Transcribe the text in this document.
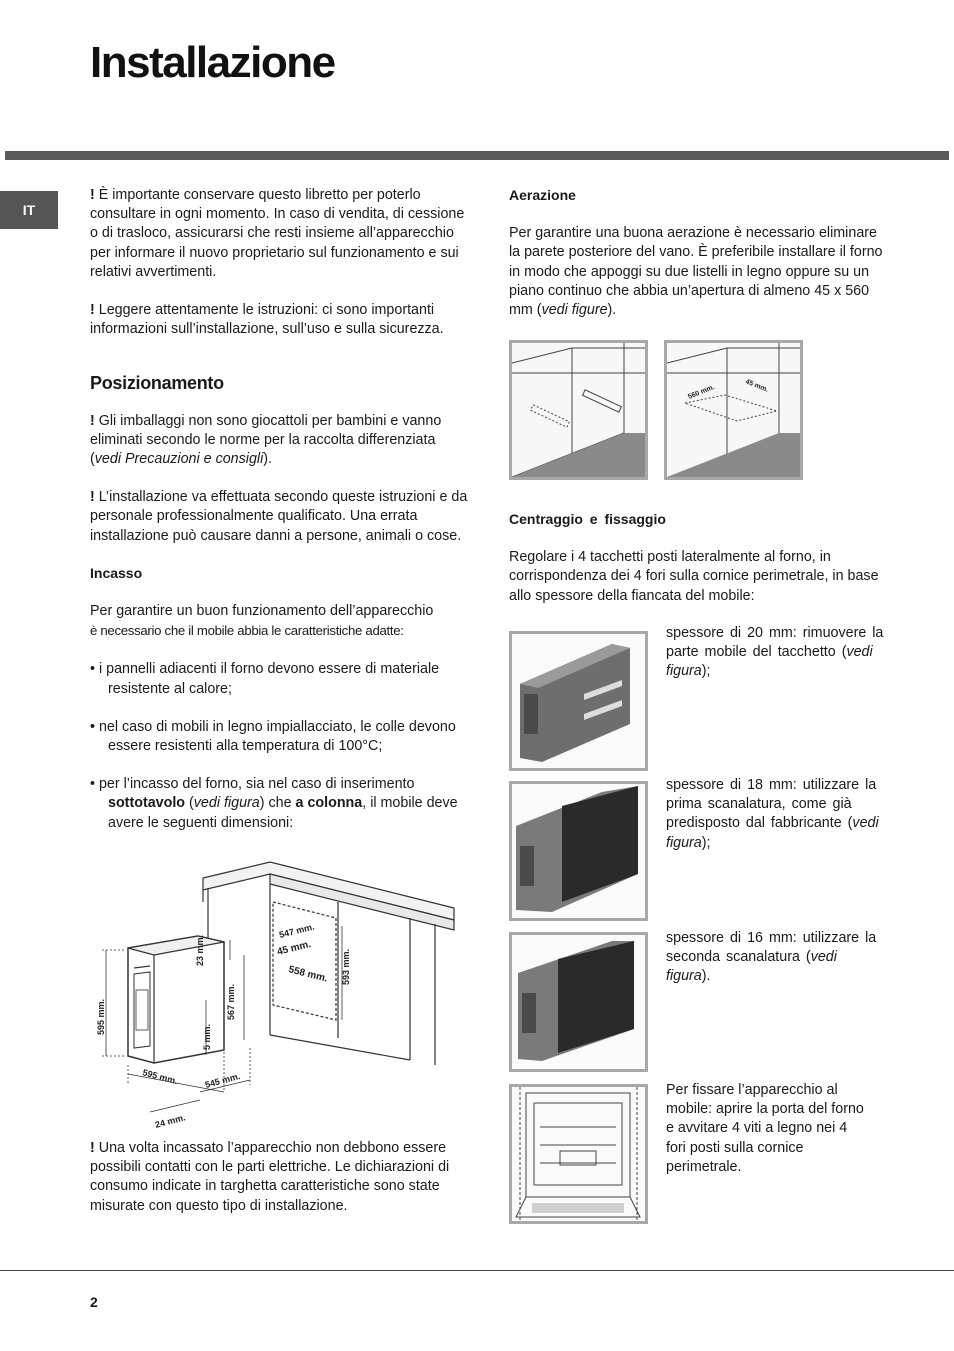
Installazione
IT

! È importante conservare questo libretto per poterlo consultare in ogni momento. In caso di vendita, di cessione o di trasloco, assicurarsi che resti insieme all’apparecchio per informare il nuovo proprietario sul funzionamento e sui relativi avvertimenti.

! Leggere attentamente le istruzioni: ci sono importanti informazioni sull’installazione, sull’uso e sulla sicurezza.

Posizionamento

! Gli imballaggi non sono giocattoli per bambini e vanno eliminati secondo le norme per la raccolta differenziata (vedi Precauzioni e consigli).

! L’installazione va effettuata secondo queste istruzioni e da personale professionalmente qualificato. Una errata installazione può causare danni a persone, animali o cose.

Incasso

Per garantire un buon funzionamento dell’apparecchio
è necessario che il mobile abbia le caratteristiche adatte:

• i pannelli adiacenti il forno devono essere di materiale resistente al calore;

• nel caso di mobili in legno impiallacciato, le colle devono essere resistenti alla temperatura di 100°C;

• per l’incasso del forno, sia nel caso di inserimento sottotavolo (vedi figura) che a colonna, il mobile deve avere le seguenti dimensioni:

547 mm.
45 mm.
558 mm. 593 mm.
23 mm.
567 mm.
595 mm.
5 mm.
595 mm.	545 mm.
24 mm.

! Una volta incassato l’apparecchio non debbono essere possibili contatti con le parti elettriche. Le dichiarazioni di consumo indicate in targhetta caratteristiche sono state misurate con questo tipo di installazione.

Aerazione

Per garantire una buona aerazione è necessario eliminare la parete posteriore del vano. È preferibile installare il forno in modo che appoggi su due listelli in legno oppure su un piano continuo che abbia un’apertura di almeno 45 x 560 mm (vedi figure).

560 mm.	45 mm.

Centraggio e fissaggio

Regolare i 4 tacchetti posti lateralmente al forno, in corrispondenza dei 4 fori sulla cornice perimetrale, in base allo spessore della fiancata del mobile:

spessore di 20 mm: rimuovere la parte mobile del tacchetto (vedi figura);

spessore di 18 mm: utilizzare la prima scanalatura, come già predisposto dal fabbricante (vedi figura);

spessore di 16 mm: utilizzare la seconda scanalatura (vedi figura).

Per fissare l’apparecchio al mobile: aprire la porta del forno e avvitare 4 viti a legno nei 4 fori posti sulla cornice perimetrale.

2
